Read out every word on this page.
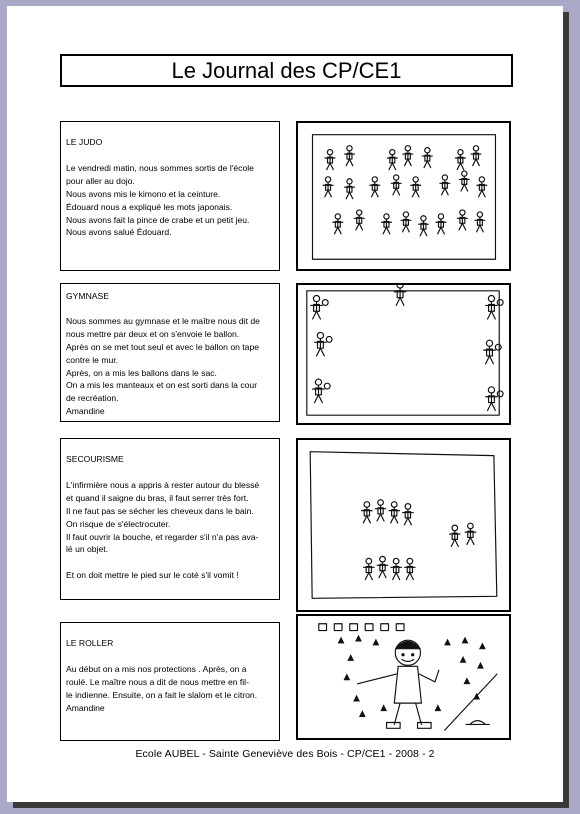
Le Journal des CP/CE1
LE JUDO
Le vendredi matin, nous sommes sortis de l'école
pour aller au dojo.
Nous avons mis le kimono et la ceinture.
Édouard nous a expliqué les mots japonais.
Nous avons fait la pince de crabe et un petit jeu.
Nous avons salué Édouard.
GYMNASE
Nous sommes au gymnase et le maître nous dit de
nous mettre par deux et on s'envoie le ballon.
Après on se met tout seul et avec le ballon on tape
contre le mur.
Après, on a mis les ballons dans le sac.
On a mis les manteaux et on est sorti dans la cour
de recréation.
Amandine
SECOURISME
L'infirmière nous a appris à rester autour du blessé
et quand il saigne du bras, il faut serrer très fort.
Il ne faut pas se sécher les cheveux dans le bain.
On risque de s'électrocuter.
Il faut ouvrir la bouche, et regarder s'il n'a pas ava-
lé un objet.
Et on doit mettre le pied sur le coté s'il vomit !
LE ROLLER
Au début on a mis nos protections . Après, on a
roulé. Le maître nous a dit de nous mettre en fil-
le indienne. Ensuite, on a fait le slalom et le citron.
Amandine
Ecole AUBEL - Sainte Geneviève des Bois - CP/CE1 - 2008 - 2
